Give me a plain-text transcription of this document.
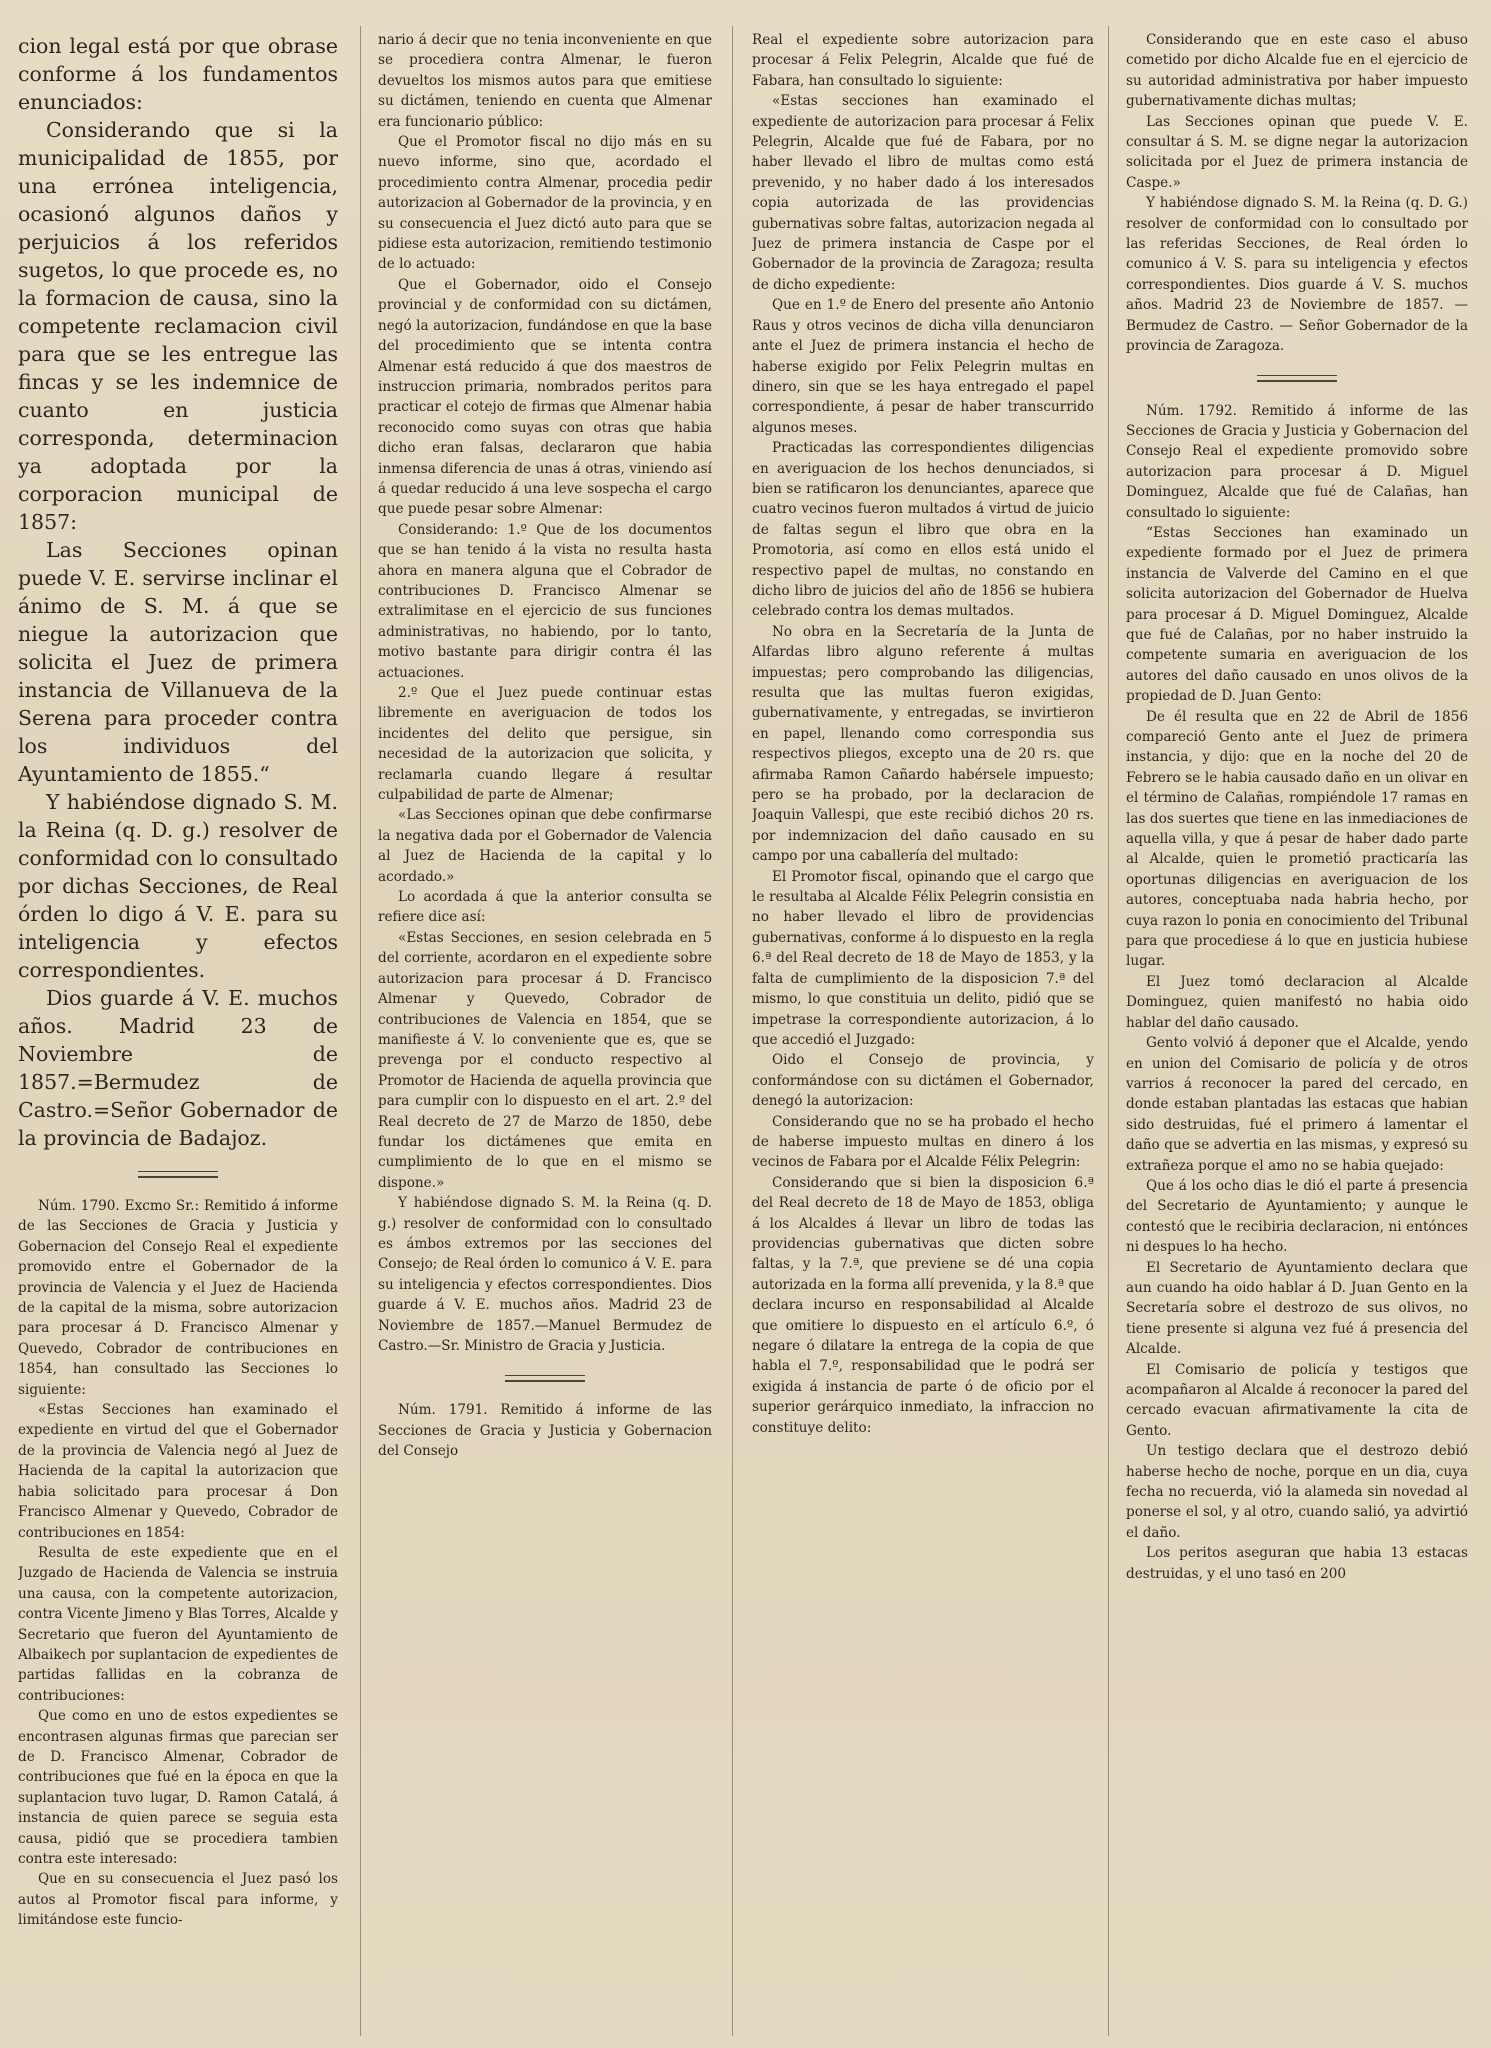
cion legal está por que obrase conforme á los fundamentos enunciados:

Considerando que si la municipalidad de 1855, por una errónea inteligencia, ocasionó algunos daños y perjuicios á los referidos sugetos, lo que procede es, no la formacion de causa, sino la competente reclamacion civil para que se les entregue las fincas y se les indemnice de cuanto en justicia corresponda, determinacion ya adoptada por la corporacion municipal de 1857:

Las Secciones opinan puede V. E. servirse inclinar el ánimo de S. M. á que se niegue la autorizacion que solicita el Juez de primera instancia de Villanueva de la Serena para proceder contra los individuos del Ayuntamiento de 1855.“

Y habiéndose dignado S. M. la Reina (q. D. g.) resolver de conformidad con lo consultado por dichas Secciones, de Real órden lo digo á V. E. para su inteligencia y efectos correspondientes.

Dios guarde á V. E. muchos años. Madrid 23 de Noviembre de 1857.=Bermudez de Castro.=Señor Gobernador de la provincia de Badajoz.

Núm. 1790. Excmo Sr.: Remitido á informe de las Secciones de Gracia y Justicia y Gobernacion del Consejo Real el expediente promovido entre el Gobernador de la provincia de Valencia y el Juez de Hacienda de la capital de la misma, sobre autorizacion para procesar á D. Francisco Almenar y Quevedo, Cobrador de contribuciones en 1854, han consultado las Secciones lo siguiente:

«Estas Secciones han examinado el expediente en virtud del que el Gobernador de la provincia de Valencia negó al Juez de Hacienda de la capital la autorizacion que habia solicitado para procesar á Don Francisco Almenar y Quevedo, Cobrador de contribuciones en 1854:

Resulta de este expediente que en el Juzgado de Hacienda de Valencia se instruia una causa, con la competente autorizacion, contra Vicente Jimeno y Blas Torres, Alcalde y Secretario que fueron del Ayuntamiento de Albaikech por suplantacion de expedientes de partidas fallidas en la cobranza de contribuciones:

Que como en uno de estos expedientes se encontrasen algunas firmas que parecian ser de D. Francisco Almenar, Cobrador de contribuciones que fué en la época en que la suplantacion tuvo lugar, D. Ramon Catalá, á instancia de quien parece se seguia esta causa, pidió que se procediera tambien contra este interesado:

Que en su consecuencia el Juez pasó los autos al Promotor fiscal para informe, y limitándose este funcio-

nario á decir que no tenia inconveniente en que se procediera contra Almenar, le fueron devueltos los mismos autos para que emitiese su dictámen, teniendo en cuenta que Almenar era funcionario público:

Que el Promotor fiscal no dijo más en su nuevo informe, sino que, acordado el procedimiento contra Almenar, procedia pedir autorizacion al Gobernador de la provincia, y en su consecuencia el Juez dictó auto para que se pidiese esta autorizacion, remitiendo testimonio de lo actuado:

Que el Gobernador, oido el Consejo provincial y de conformidad con su dictámen, negó la autorizacion, fundándose en que la base del procedimiento que se intenta contra Almenar está reducido á que dos maestros de instruccion primaria, nombrados peritos para practicar el cotejo de firmas que Almenar habia reconocido como suyas con otras que habia dicho eran falsas, declararon que habia inmensa diferencia de unas á otras, viniendo así á quedar reducido á una leve sospecha el cargo que puede pesar sobre Almenar:

Considerando: 1.º Que de los documentos que se han tenido á la vista no resulta hasta ahora en manera alguna que el Cobrador de contribuciones D. Francisco Almenar se extralimitase en el ejercicio de sus funciones administrativas, no habiendo, por lo tanto, motivo bastante para dirigir contra él las actuaciones.

2.º Que el Juez puede continuar estas libremente en averiguacion de todos los incidentes del delito que persigue, sin necesidad de la autorizacion que solicita, y reclamarla cuando llegare á resultar culpabilidad de parte de Almenar;

«Las Secciones opinan que debe confirmarse la negativa dada por el Gobernador de Valencia al Juez de Hacienda de la capital y lo acordado.»

Lo acordada á que la anterior consulta se refiere dice así:

«Estas Secciones, en sesion celebrada en 5 del corriente, acordaron en el expediente sobre autorizacion para procesar á D. Francisco Almenar y Quevedo, Cobrador de contribuciones de Valencia en 1854, que se manifieste á V. lo conveniente que es, que se prevenga por el conducto respectivo al Promotor de Hacienda de aquella provincia que para cumplir con lo dispuesto en el art. 2.º del Real decreto de 27 de Marzo de 1850, debe fundar los dictámenes que emita en cumplimiento de lo que en el mismo se dispone.»

Y habiéndose dignado S. M. la Reina (q. D. g.) resolver de conformidad con lo consultado es ámbos extremos por las secciones del Consejo; de Real órden lo comunico á V. E. para su inteligencia y efectos correspondientes. Dios guarde á V. E. muchos años. Madrid 23 de Noviembre de 1857.—Manuel Bermudez de Castro.—Sr. Ministro de Gracia y Justicia.

Núm. 1791. Remitido á informe de las Secciones de Gracia y Justicia y Gobernacion del Consejo

Real el expediente sobre autorizacion para procesar á Felix Pelegrin, Alcalde que fué de Fabara, han consultado lo siguiente:

«Estas secciones han examinado el expediente de autorizacion para procesar á Felix Pelegrin, Alcalde que fué de Fabara, por no haber llevado el libro de multas como está prevenido, y no haber dado á los interesados copia autorizada de las providencias gubernativas sobre faltas, autorizacion negada al Juez de primera instancia de Caspe por el Gobernador de la provincia de Zaragoza; resulta de dicho expediente:

Que en 1.º de Enero del presente año Antonio Raus y otros vecinos de dicha villa denunciaron ante el Juez de primera instancia el hecho de haberse exigido por Felix Pelegrin multas en dinero, sin que se les haya entregado el papel correspondiente, á pesar de haber transcurrido algunos meses.

Practicadas las correspondientes diligencias en averiguacion de los hechos denunciados, si bien se ratificaron los denunciantes, aparece que cuatro vecinos fueron multados á virtud de juicio de faltas segun el libro que obra en la Promotoria, así como en ellos está unido el respectivo papel de multas, no constando en dicho libro de juicios del año de 1856 se hubiera celebrado contra los demas multados.

No obra en la Secretaría de la Junta de Alfardas libro alguno referente á multas impuestas; pero comprobando las diligencias, resulta que las multas fueron exigidas, gubernativamente, y entregadas, se invirtieron en papel, llenando como correspondia sus respectivos pliegos, excepto una de 20 rs. que afirmaba Ramon Cañardo habérsele impuesto; pero se ha probado, por la declaracion de Joaquin Vallespi, que este recibió dichos 20 rs. por indemnizacion del daño causado en su campo por una caballería del multado:

El Promotor fiscal, opinando que el cargo que le resultaba al Alcalde Félix Pelegrin consistia en no haber llevado el libro de providencias gubernativas, conforme á lo dispuesto en la regla 6.ª del Real decreto de 18 de Mayo de 1853, y la falta de cumplimiento de la disposicion 7.ª del mismo, lo que constituia un delito, pidió que se impetrase la correspondiente autorizacion, á lo que accedió el Juzgado:

Oido el Consejo de provincia, y conformándose con su dictámen el Gobernador, denegó la autorizacion:

Considerando que no se ha probado el hecho de haberse impuesto multas en dinero á los vecinos de Fabara por el Alcalde Félix Pelegrin:

Considerando que si bien la disposicion 6.ª del Real decreto de 18 de Mayo de 1853, obliga á los Alcaldes á llevar un libro de todas las providencias gubernativas que dicten sobre faltas, y la 7.ª, que previene se dé una copia autorizada en la forma allí prevenida, y la 8.ª que declara incurso en responsabilidad al Alcalde que omitiere lo dispuesto en el artículo 6.º, ó negare ó dilatare la entrega de la copia de que habla el 7.º, responsabilidad que le podrá ser exigida á instancia de parte ó de oficio por el superior gerárquico inmediato, la infraccion no constituye delito:

Considerando que en este caso el abuso cometido por dicho Alcalde fue en el ejercicio de su autoridad administrativa por haber impuesto gubernativamente dichas multas;

Las Secciones opinan que puede V. E. consultar á S. M. se digne negar la autorizacion solicitada por el Juez de primera instancia de Caspe.»

Y habiéndose dignado S. M. la Reina (q. D. G.) resolver de conformidad con lo consultado por las referidas Secciones, de Real órden lo comunico á V. S. para su inteligencia y efectos correspondientes. Dios guarde á V. S. muchos años. Madrid 23 de Noviembre de 1857. —Bermudez de Castro. — Señor Gobernador de la provincia de Zaragoza.

Núm. 1792. Remitido á informe de las Secciones de Gracia y Justicia y Gobernacion del Consejo Real el expediente promovido sobre autorizacion para procesar á D. Miguel Dominguez, Alcalde que fué de Calañas, han consultado lo siguiente:

“Estas Secciones han examinado un expediente formado por el Juez de primera instancia de Valverde del Camino en el que solicita autorizacion del Gobernador de Huelva para procesar á D. Miguel Dominguez, Alcalde que fué de Calañas, por no haber instruido la competente sumaria en averiguacion de los autores del daño causado en unos olivos de la propiedad de D. Juan Gento:

De él resulta que en 22 de Abril de 1856 compareció Gento ante el Juez de primera instancia, y dijo: que en la noche del 20 de Febrero se le habia causado daño en un olivar en el término de Calañas, rompiéndole 17 ramas en las dos suertes que tiene en las inmediaciones de aquella villa, y que á pesar de haber dado parte al Alcalde, quien le prometió practicaría las oportunas diligencias en averiguacion de los autores, conceptuaba nada habria hecho, por cuya razon lo ponia en conocimiento del Tribunal para que procediese á lo que en justicia hubiese lugar.

El Juez tomó declaracion al Alcalde Dominguez, quien manifestó no habia oido hablar del daño causado.

Gento volvió á deponer que el Alcalde, yendo en union del Comisario de policía y de otros varrios á reconocer la pared del cercado, en donde estaban plantadas las estacas que habian sido destruidas, fué el primero á lamentar el daño que se advertia en las mismas, y expresó su extrañeza porque el amo no se habia quejado:

Que á los ocho dias le dió el parte á presencia del Secretario de Ayuntamiento; y aunque le contestó que le recibiria declaracion, ni entónces ni despues lo ha hecho.

El Secretario de Ayuntamiento declara que aun cuando ha oido hablar á D. Juan Gento en la Secretaría sobre el destrozo de sus olivos, no tiene presente si alguna vez fué á presencia del Alcalde.

El Comisario de policía y testigos que acompañaron al Alcalde á reconocer la pared del cercado evacuan afirmativamente la cita de Gento.

Un testigo declara que el destrozo debió haberse hecho de noche, porque en un dia, cuya fecha no recuerda, vió la alameda sin novedad al ponerse el sol, y al otro, cuando salió, ya advirtió el daño.

Los peritos aseguran que habia 13 estacas destruidas, y el uno tasó en 200
